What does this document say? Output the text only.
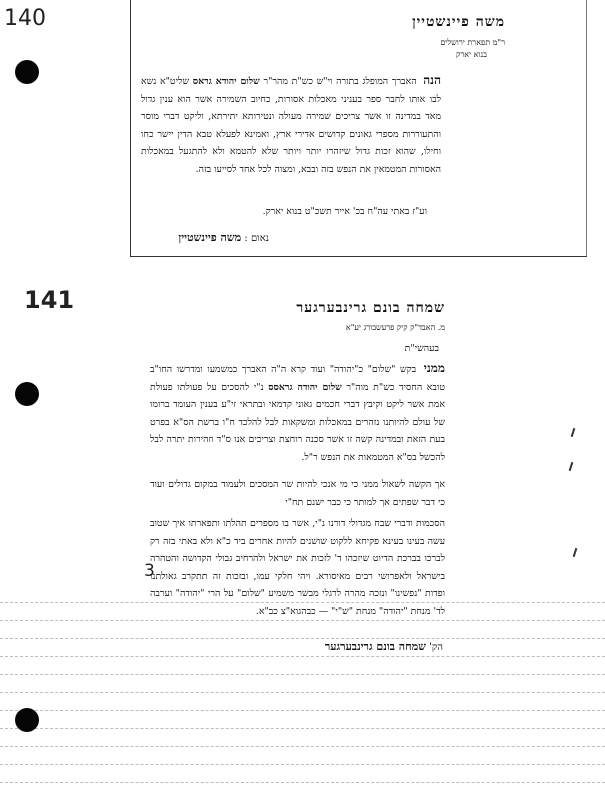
140
141
3
משה פיינשטיין
ר"מ תפארת ירושלים
בנוא יארק
הנה האברך המופלג בתורה וי"ש כש"ת מהר"ר שלום יהודא גראס שליט"א נשא לבו אותו לחבר ספר בעניני מאכלות אסורות, כחיוב השמירה אשר הוא ענין גדול מאד במדינה זו אשר צריכים שמירה מעולה ונטירותא יתירתא, וליקט דברי מוסר והתעוררות מספרי גאונים קדושים אדירי ארץ, ואמינא לפעלא טבא הדין יישר כחו וחילו, שהוא זכות גדול שיזהרו יותר ויותר שלא להטמא ולא להתגעל במאכלות האסורות המטמאין את הנפש בזה ובבא, ומצוה לכל אחד לסייעו בזה.
וע"ז באתי עה"ח בכ' אייר תשכ"ט בנוא יארק.
נאום : משה פיינשטיין
שמחה בונם גרינבערגער
מ. האבד"ק קיק פרעשבורג יע"א
בעהשי"ת
ממני בקש "שלום" כ"יהודה" ועוד קרא ה"ה האברך כמשמעו ומדרשו החו"ב טובא החסיד כש"ת מוה"ר שלום יהודה גראסס נ"י להסכים על פעולתו פעולת אמת אשר ליקט וקיבץ דברי חכמים גאוני קדמאי ובתראי זי"ע בענין העומד ברומו של עולם להיותנו נזהרים במאכלות ומשקאות לבל להלכד ח"ו ברשת הס"א בפרט בעת הזאת ובמדינה קשה זו אשר סכנה רוחצת וצריכים אנו ס"ד וזהירות יתרה לבל להכשל בס"א המטמאות את הנפש ר"ל.
אך הקשה לשאול ממני כי מי אנכי להיות שר המסכים ולעמוד במקום גדולים ועוד כי דבר שפתים אך למותר כי כבר ישנם תח"י
הסכמות ודברי שבח מגדולי דורנו נ"י, אשר בו מספרים תהלתו ותפארתו איך שטוב עשה בעינו בעינא פקיחא ללקוט שושנים להיות אחרים ביד כ"א ולא באתי בזה רק לברכו בברכת הדיוט שיזכהו ד' לזכות את ישראל ולהרחיב גבולי הקדושה והטהרה בישראל ולאפרושי רבים מאיסורא. ויהי חלקי עמו, ובזכות זה תתקרב גאולתנו ופדות "נפשינו" ונזכה מהרה לרגלי מבשר משמיע "שלום" על הרי "יהודה" וערבה לד' מנחת "יהודה" מנחת "ש"י" — כבהגוא"צ כב"א.
הק' שמחה בונם גרינבערגער
